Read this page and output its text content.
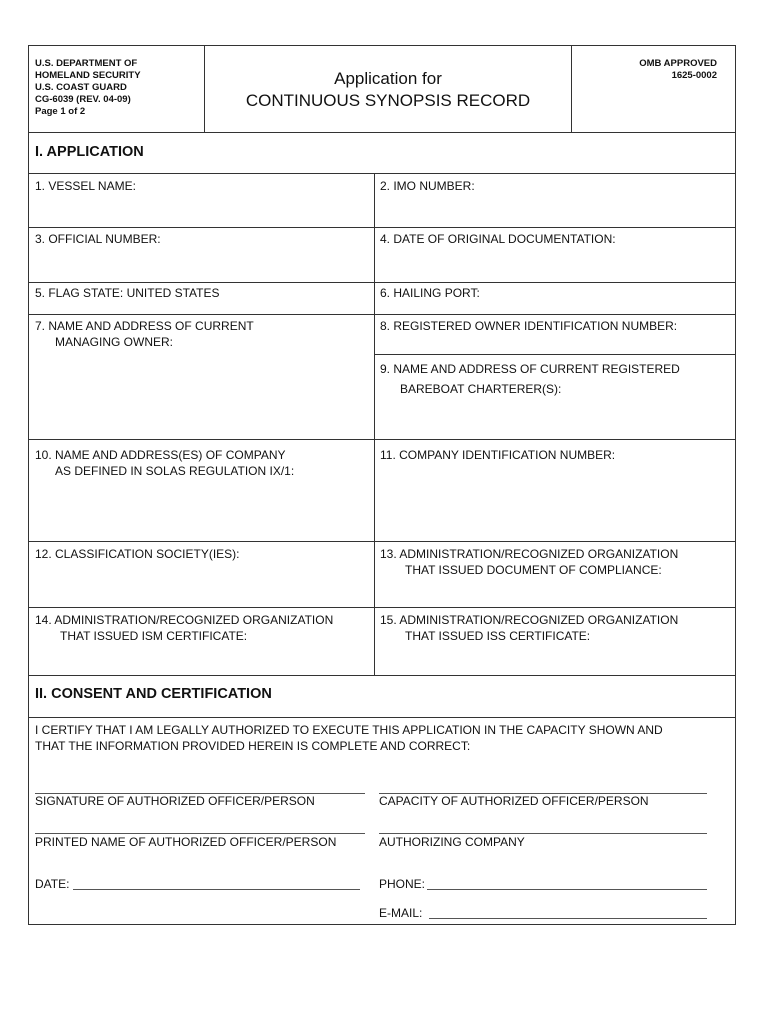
U.S. DEPARTMENT OF
HOMELAND SECURITY
U.S. COAST GUARD
CG-6039 (REV. 04-09)
Page 1 of 2
Application for
CONTINUOUS SYNOPSIS RECORD
OMB APPROVED
1625-0002
I. APPLICATION
1. VESSEL NAME:	2. IMO NUMBER:
3. OFFICIAL NUMBER:	4. DATE OF ORIGINAL DOCUMENTATION:
5. FLAG STATE: UNITED STATES	6. HAILING PORT:
7. NAME AND ADDRESS OF CURRENT
MANAGING OWNER:
8. REGISTERED OWNER IDENTIFICATION NUMBER:
9. NAME AND ADDRESS OF CURRENT REGISTERED
BAREBOAT CHARTERER(S):
10. NAME AND ADDRESS(ES) OF COMPANY
AS DEFINED IN SOLAS REGULATION IX/1:
11. COMPANY IDENTIFICATION NUMBER:
12. CLASSIFICATION SOCIETY(IES):	13. ADMINISTRATION/RECOGNIZED ORGANIZATION
THAT ISSUED DOCUMENT OF COMPLIANCE:
14. ADMINISTRATION/RECOGNIZED ORGANIZATION
THAT ISSUED ISM CERTIFICATE:
15. ADMINISTRATION/RECOGNIZED ORGANIZATION
THAT ISSUED ISS CERTIFICATE:
II. CONSENT AND CERTIFICATION
I CERTIFY THAT I AM LEGALLY AUTHORIZED TO EXECUTE THIS APPLICATION IN THE CAPACITY SHOWN AND
THAT THE INFORMATION PROVIDED HEREIN IS COMPLETE AND CORRECT:
SIGNATURE OF AUTHORIZED OFFICER/PERSON	CAPACITY OF AUTHORIZED OFFICER/PERSON
PRINTED NAME OF AUTHORIZED OFFICER/PERSON	AUTHORIZING COMPANY
DATE:	PHONE:
E-MAIL:
